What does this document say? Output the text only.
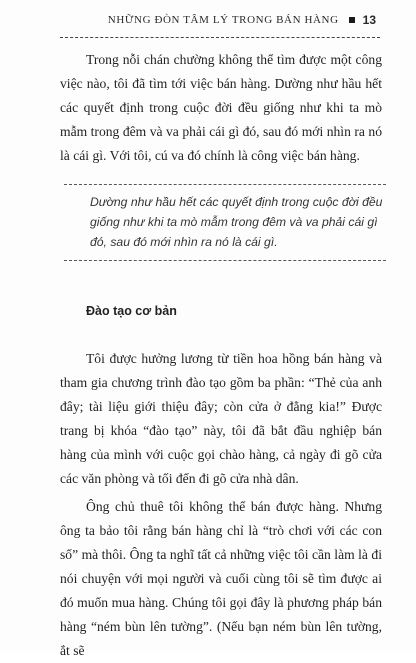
NHỮNG ĐÒN TÂM LÝ TRONG BÁN HÀNG 13

Trong nỗi chán chường không thể tìm được một công việc nào, tôi đã tìm tới việc bán hàng. Dường như hầu hết các quyết định trong cuộc đời đều giống như khi ta mò mẫm trong đêm và va phải cái gì đó, sau đó mới nhìn ra nó là cái gì. Với tôi, cú va đó chính là công việc bán hàng.

Dường như hầu hết các quyết định trong cuộc đời đều giống như khi ta mò mẫm trong đêm và va phải cái gì đó, sau đó mới nhìn ra nó là cái gì.

Đào tạo cơ bản

Tôi được hưởng lương từ tiền hoa hồng bán hàng và tham gia chương trình đào tạo gồm ba phần: “Thẻ của anh đây; tài liệu giới thiệu đây; còn cửa ở đằng kia!” Được trang bị khóa “đào tạo” này, tôi đã bắt đầu nghiệp bán hàng của mình với cuộc gọi chào hàng, cả ngày đi gõ cửa các văn phòng và tối đến đi gõ cửa nhà dân.

Ông chủ thuê tôi không thể bán được hàng. Nhưng ông ta bảo tôi rằng bán hàng chỉ là “trò chơi với các con số” mà thôi. Ông ta nghĩ tất cả những việc tôi cần làm là đi nói chuyện với mọi người và cuối cùng tôi sẽ tìm được ai đó muốn mua hàng. Chúng tôi gọi đây là phương pháp bán hàng “ném bùn lên tường”. (Nếu bạn ném bùn lên tường, ắt sẽ
